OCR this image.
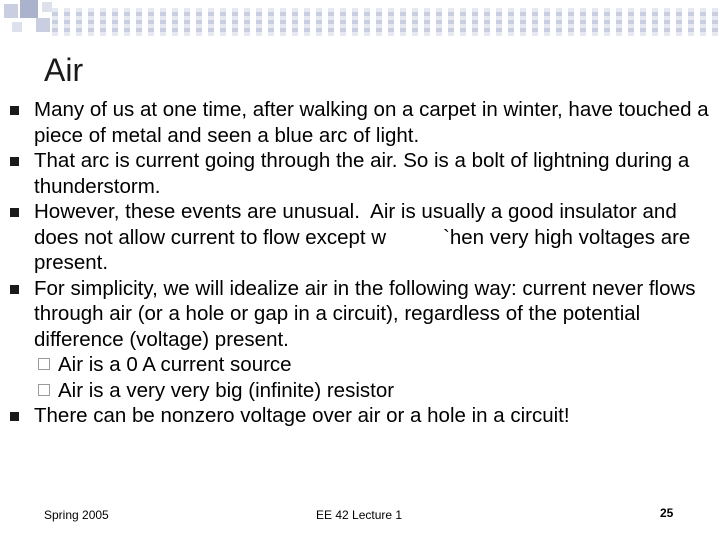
Air
Many of us at one time, after walking on a carpet in winter, have touched a piece of metal and seen a blue arc of light.
That arc is current going through the air. So is a bolt of lightning during a thunderstorm.
However, these events are unusual.  Air is usually a good insulator and does not allow current to flow except w          `hen very high voltages are present.
For simplicity, we will idealize air in the following way: current never flows through air (or a hole or gap in a circuit), regardless of the potential difference (voltage) present.
Air is a 0 A current source
Air is a very very big (infinite) resistor
There can be nonzero voltage over air or a hole in a circuit!
Spring 2005	EE 42 Lecture 1	25
